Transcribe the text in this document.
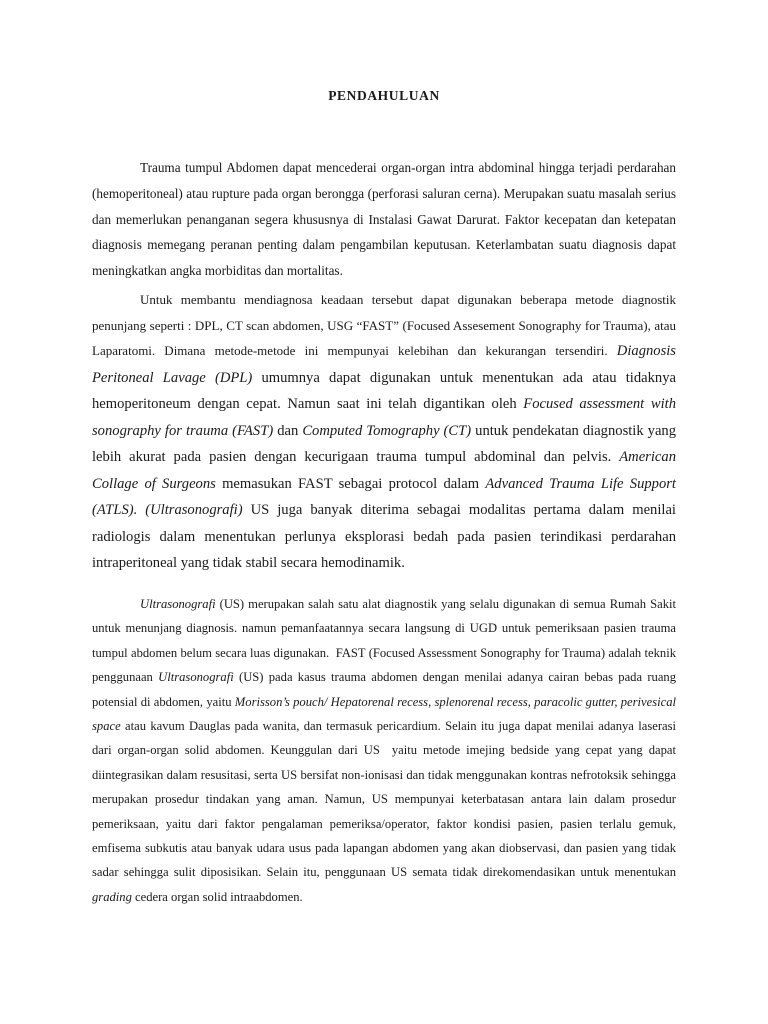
PENDAHULUAN

Trauma tumpul Abdomen dapat mencederai organ-organ intra abdominal hingga terjadi perdarahan (hemoperitoneal) atau rupture pada organ berongga (perforasi saluran cerna). Merupakan suatu masalah serius dan memerlukan penanganan segera khususnya di Instalasi Gawat Darurat. Faktor kecepatan dan ketepatan diagnosis memegang peranan penting dalam pengambilan keputusan. Keterlambatan suatu diagnosis dapat meningkatkan angka morbiditas dan mortalitas.

Untuk membantu mendiagnosa keadaan tersebut dapat digunakan beberapa metode diagnostik penunjang seperti : DPL, CT scan abdomen, USG “FAST” (Focused Assesement Sonography for Trauma), atau Laparatomi. Dimana metode-metode ini mempunyai kelebihan dan kekurangan tersendiri. Diagnosis Peritoneal Lavage (DPL) umumnya dapat digunakan untuk menentukan ada atau tidaknya hemoperitoneum dengan cepat. Namun saat ini telah digantikan oleh Focused assessment with sonography for trauma (FAST) dan Computed Tomography (CT) untuk pendekatan diagnostik yang lebih akurat pada pasien dengan kecurigaan trauma tumpul abdominal dan pelvis. American Collage of Surgeons memasukan FAST sebagai protocol dalam Advanced Trauma Life Support (ATLS). (Ultrasonografi) US juga banyak diterima sebagai modalitas pertama dalam menilai radiologis dalam menentukan perlunya eksplorasi bedah pada pasien terindikasi perdarahan intraperitoneal yang tidak stabil secara hemodinamik.

Ultrasonografi (US) merupakan salah satu alat diagnostik yang selalu digunakan di semua Rumah Sakit untuk menunjang diagnosis. namun pemanfaatannya secara langsung di UGD untuk pemeriksaan pasien trauma tumpul abdomen belum secara luas digunakan.  FAST (Focused Assessment Sonography for Trauma) adalah teknik penggunaan Ultrasonografi (US) pada kasus trauma abdomen dengan menilai adanya cairan bebas pada ruang potensial di abdomen, yaitu Morisson’s pouch/ Hepatorenal recess, splenorenal recess, paracolic gutter, perivesical space atau kavum Dauglas pada wanita, dan termasuk pericardium. Selain itu juga dapat menilai adanya laserasi dari organ-organ solid abdomen. Keunggulan dari US  yaitu metode imejing bedside yang cepat yang dapat diintegrasikan dalam resusitasi, serta US bersifat non-ionisasi dan tidak menggunakan kontras nefrotoksik sehingga merupakan prosedur tindakan yang aman. Namun, US mempunyai keterbatasan antara lain dalam prosedur pemeriksaan, yaitu dari faktor pengalaman pemeriksa/operator, faktor kondisi pasien, pasien terlalu gemuk, emfisema subkutis atau banyak udara usus pada lapangan abdomen yang akan diobservasi, dan pasien yang tidak sadar sehingga sulit diposisikan. Selain itu, penggunaan US semata tidak direkomendasikan untuk menentukan grading cedera organ solid intraabdomen.
